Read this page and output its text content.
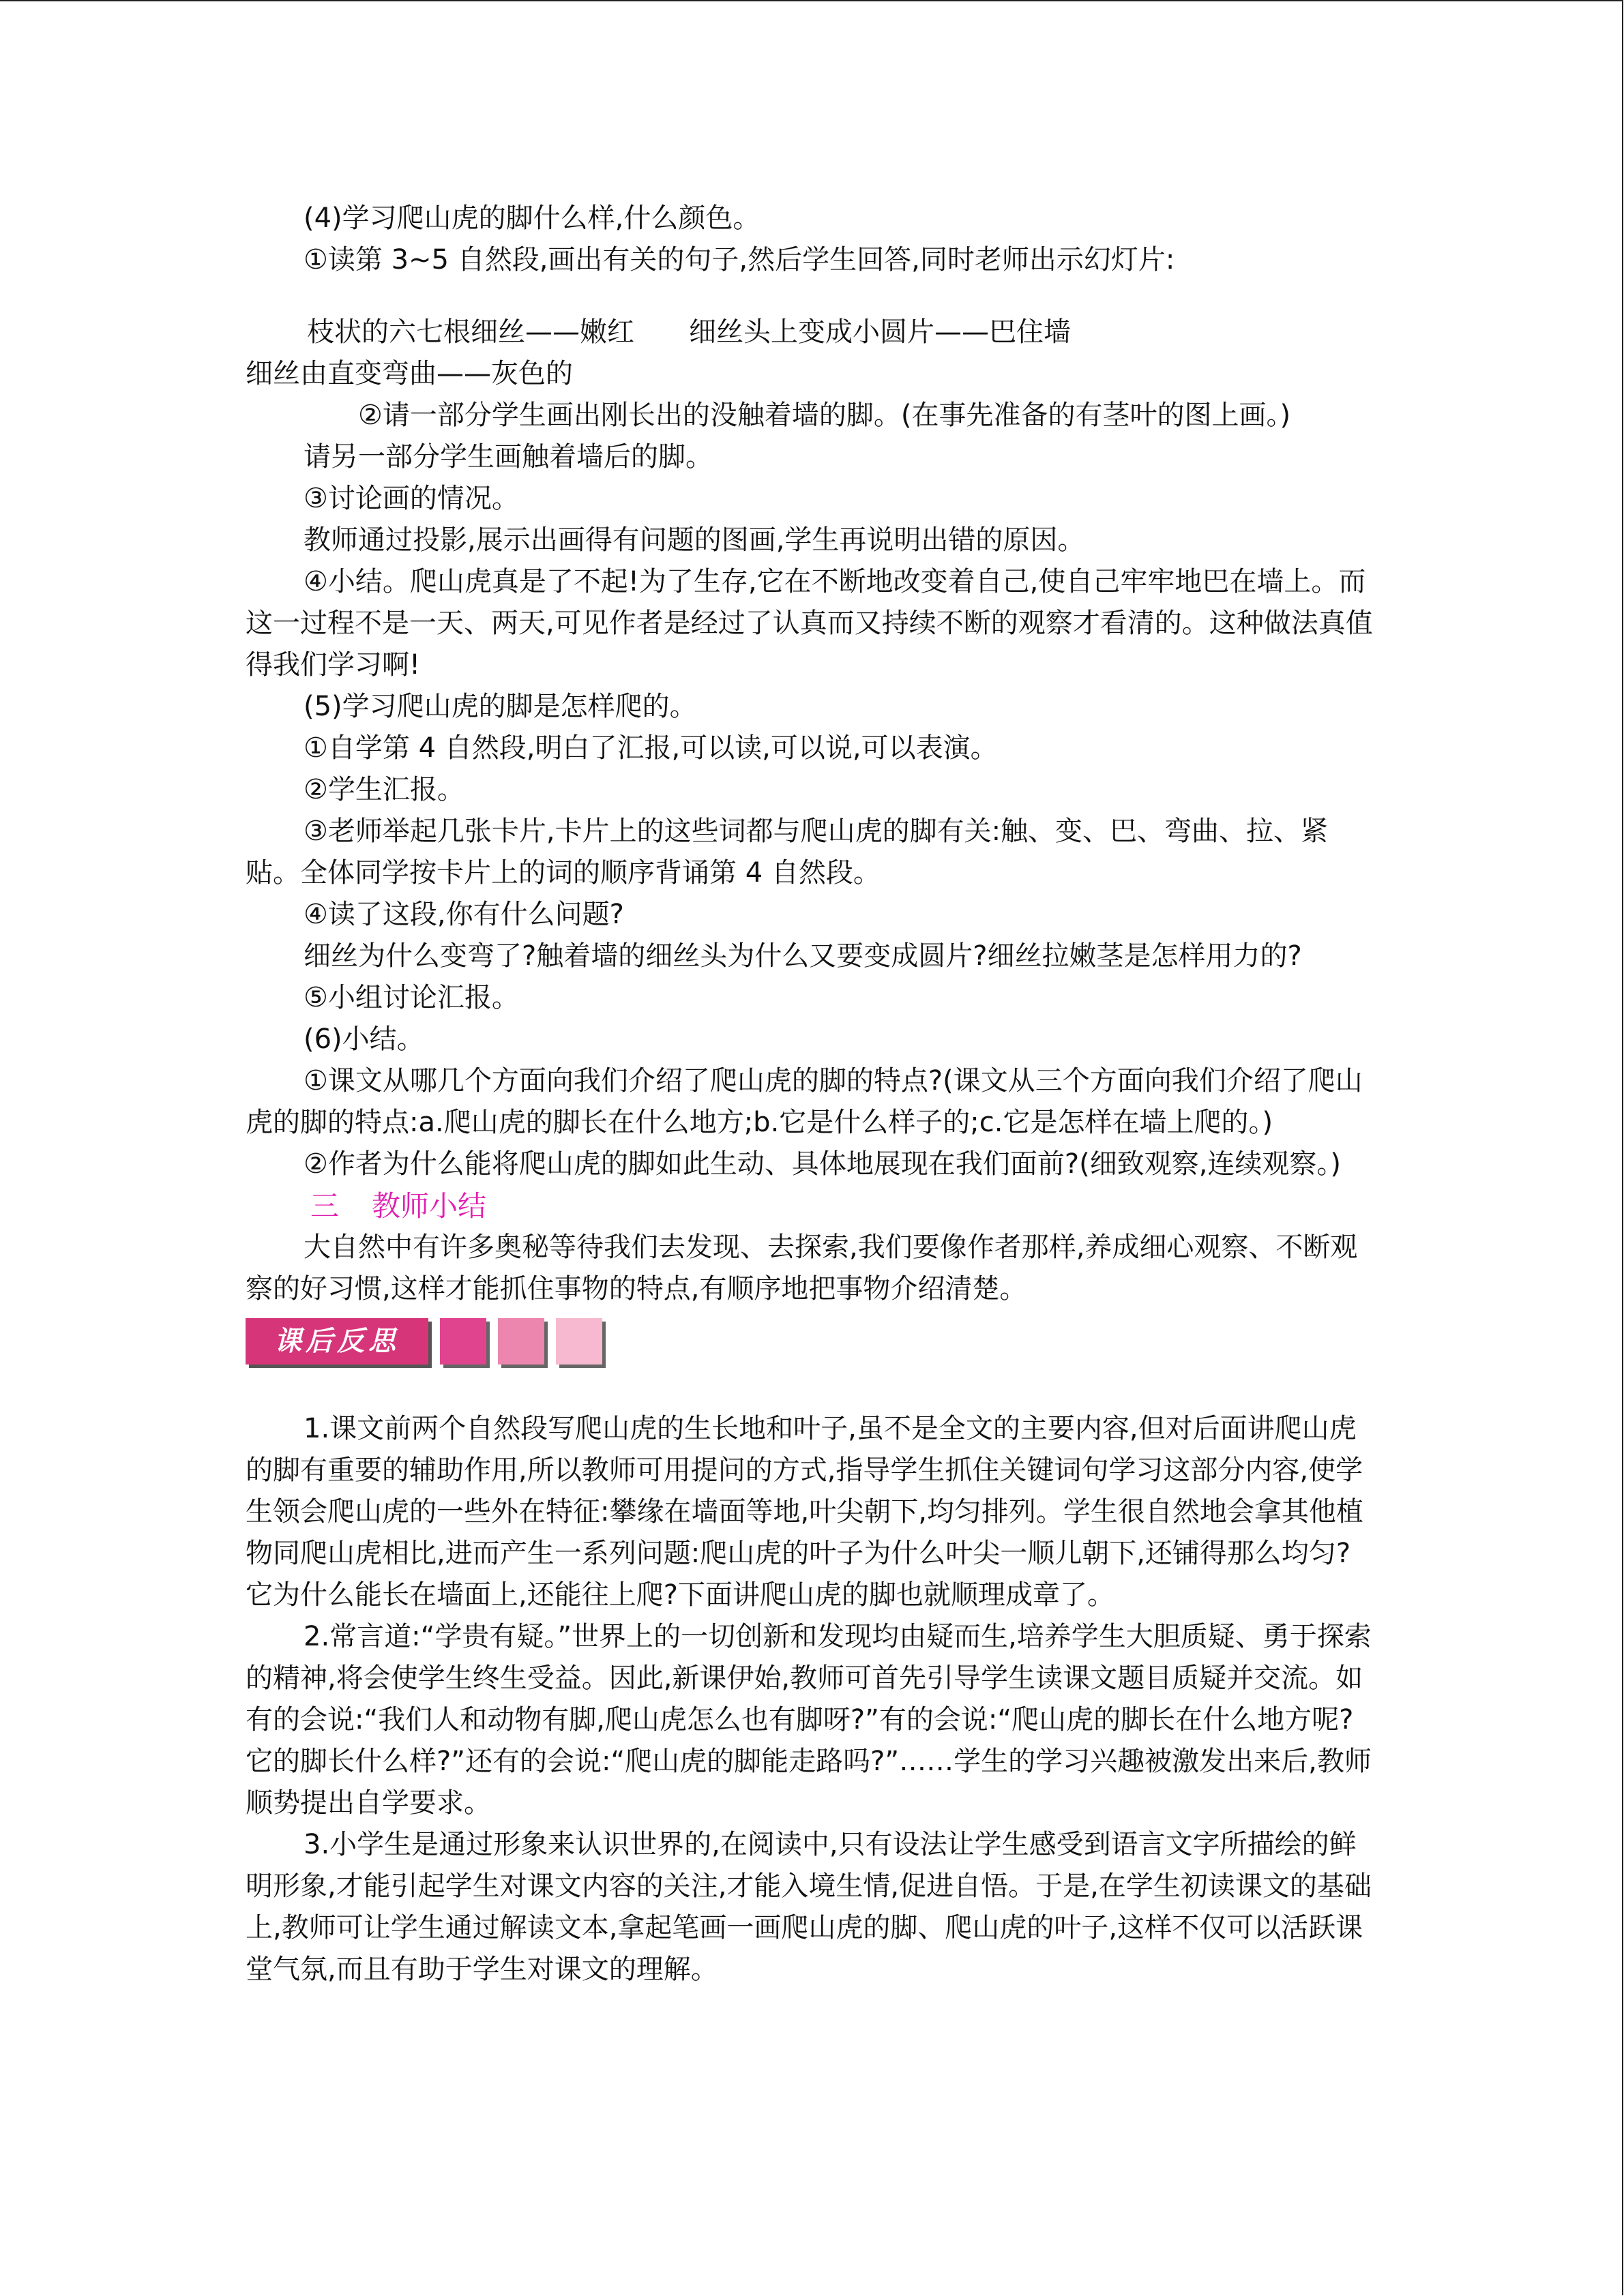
(4)学习爬山虎的脚什么样,什么颜色。

①读第 3~5 自然段,画出有关的句子,然后学生回答,同时老师出示幻灯片:

枝状的六七根细丝——嫩红　　细丝头上变成小圆片——巴住墙

细丝由直变弯曲——灰色的

②请一部分学生画出刚长出的没触着墙的脚。(在事先准备的有茎叶的图上画。)

请另一部分学生画触着墙后的脚。

③讨论画的情况。

教师通过投影,展示出画得有问题的图画,学生再说明出错的原因。

④小结。爬山虎真是了不起!为了生存,它在不断地改变着自己,使自己牢牢地巴在墙上。而这一过程不是一天、两天,可见作者是经过了认真而又持续不断的观察才看清的。这种做法真值得我们学习啊!

(5)学习爬山虎的脚是怎样爬的。

①自学第 4 自然段,明白了汇报,可以读,可以说,可以表演。

②学生汇报。

③老师举起几张卡片,卡片上的这些词都与爬山虎的脚有关:触、变、巴、弯曲、拉、紧贴。全体同学按卡片上的词的顺序背诵第 4 自然段。

④读了这段,你有什么问题?

细丝为什么变弯了?触着墙的细丝头为什么又要变成圆片?细丝拉嫩茎是怎样用力的?

⑤小组讨论汇报。

(6)小结。

①课文从哪几个方面向我们介绍了爬山虎的脚的特点?(课文从三个方面向我们介绍了爬山虎的脚的特点:a.爬山虎的脚长在什么地方;b.它是什么样子的;c.它是怎样在墙上爬的。)

②作者为什么能将爬山虎的脚如此生动、具体地展现在我们面前?(细致观察,连续观察。)

三 教师小结

大自然中有许多奥秘等待我们去发现、去探索,我们要像作者那样,养成细心观察、不断观察的好习惯,这样才能抓住事物的特点,有顺序地把事物介绍清楚。

课后反思

1.课文前两个自然段写爬山虎的生长地和叶子,虽不是全文的主要内容,但对后面讲爬山虎的脚有重要的辅助作用,所以教师可用提问的方式,指导学生抓住关键词句学习这部分内容,使学生领会爬山虎的一些外在特征:攀缘在墙面等地,叶尖朝下,均匀排列。学生很自然地会拿其他植物同爬山虎相比,进而产生一系列问题:爬山虎的叶子为什么叶尖一顺儿朝下,还铺得那么均匀?它为什么能长在墙面上,还能往上爬?下面讲爬山虎的脚也就顺理成章了。

2.常言道:“学贵有疑。”世界上的一切创新和发现均由疑而生,培养学生大胆质疑、勇于探索的精神,将会使学生终生受益。因此,新课伊始,教师可首先引导学生读课文题目质疑并交流。如有的会说:“我们人和动物有脚,爬山虎怎么也有脚呀?”有的会说:“爬山虎的脚长在什么地方呢?它的脚长什么样?”还有的会说:“爬山虎的脚能走路吗?”……学生的学习兴趣被激发出来后,教师顺势提出自学要求。

3.小学生是通过形象来认识世界的,在阅读中,只有设法让学生感受到语言文字所描绘的鲜明形象,才能引起学生对课文内容的关注,才能入境生情,促进自悟。于是,在学生初读课文的基础上,教师可让学生通过解读文本,拿起笔画一画爬山虎的脚、爬山虎的叶子,这样不仅可以活跃课堂气氛,而且有助于学生对课文的理解。
